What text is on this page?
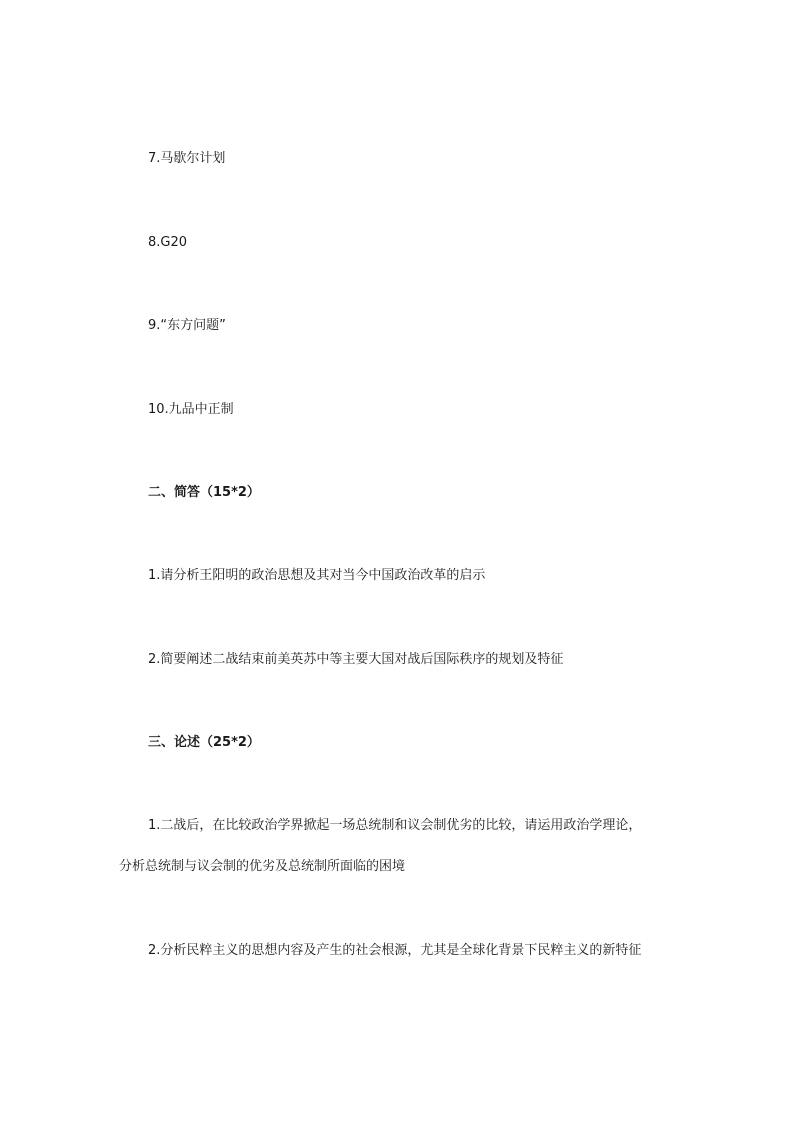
7.马歇尔计划
8.G20
9.“东方问题”
10.九品中正制
二、简答（15*2）
1.请分析王阳明的政治思想及其对当今中国政治改革的启示
2.简要阐述二战结束前美英苏中等主要大国对战后国际秩序的规划及特征
三、论述（25*2）
1.二战后，在比较政治学界掀起一场总统制和议会制优劣的比较，请运用政治学理论，
分析总统制与议会制的优劣及总统制所面临的困境
2.分析民粹主义的思想内容及产生的社会根源，尤其是全球化背景下民粹主义的新特征
